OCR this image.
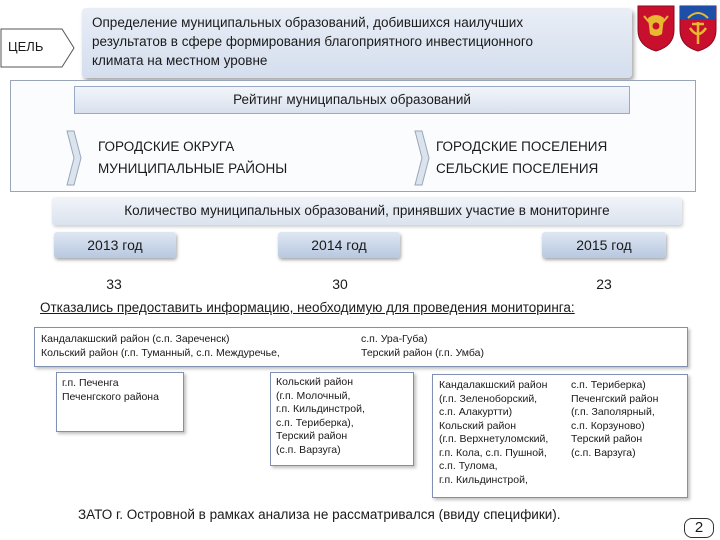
ЦЕЛЬ
Определение муниципальных образований, добившихся наилучших
результатов в сфере формирования благоприятного инвестиционного
климата на местном уровне
Рейтинг муниципальных образований
ГОРОДСКИЕ ОКРУГА
МУНИЦИПАЛЬНЫЕ РАЙОНЫ
ГОРОДСКИЕ ПОСЕЛЕНИЯ
СЕЛЬСКИЕ ПОСЕЛЕНИЯ
Количество муниципальных образований, принявших участие в мониторинге
2013 год	2014 год	2015 год
33	30	23
Отказались предоставить информацию, необходимую для проведения мониторинга:
Кандалакшский район (с.п. Зареченск)
Кольский район (г.п. Туманный, с.п. Междуречье,
с.п. Ура-Губа)
Терский район (г.п. Умба)
г.п. Печенга
Печенгского района
Кольский район
(г.п. Молочный,
г.п. Кильдинстрой,
с.п. Териберка),
Терский район
(с.п. Варзуга)
Кандалакшский район
(г.п. Зеленоборский,
с.п. Алакуртти)
Кольский район
(г.п. Верхнетуломский,
г.п. Кола, с.п. Пушной,
с.п. Тулома,
г.п. Кильдинстрой,
с.п. Териберка)
Печенгский район
(г.п. Заполярный,
с.п. Корзуново)
Терский район
(с.п. Варзуга)
ЗАТО г. Островной в рамках анализа не рассматривался (ввиду специфики).
2
